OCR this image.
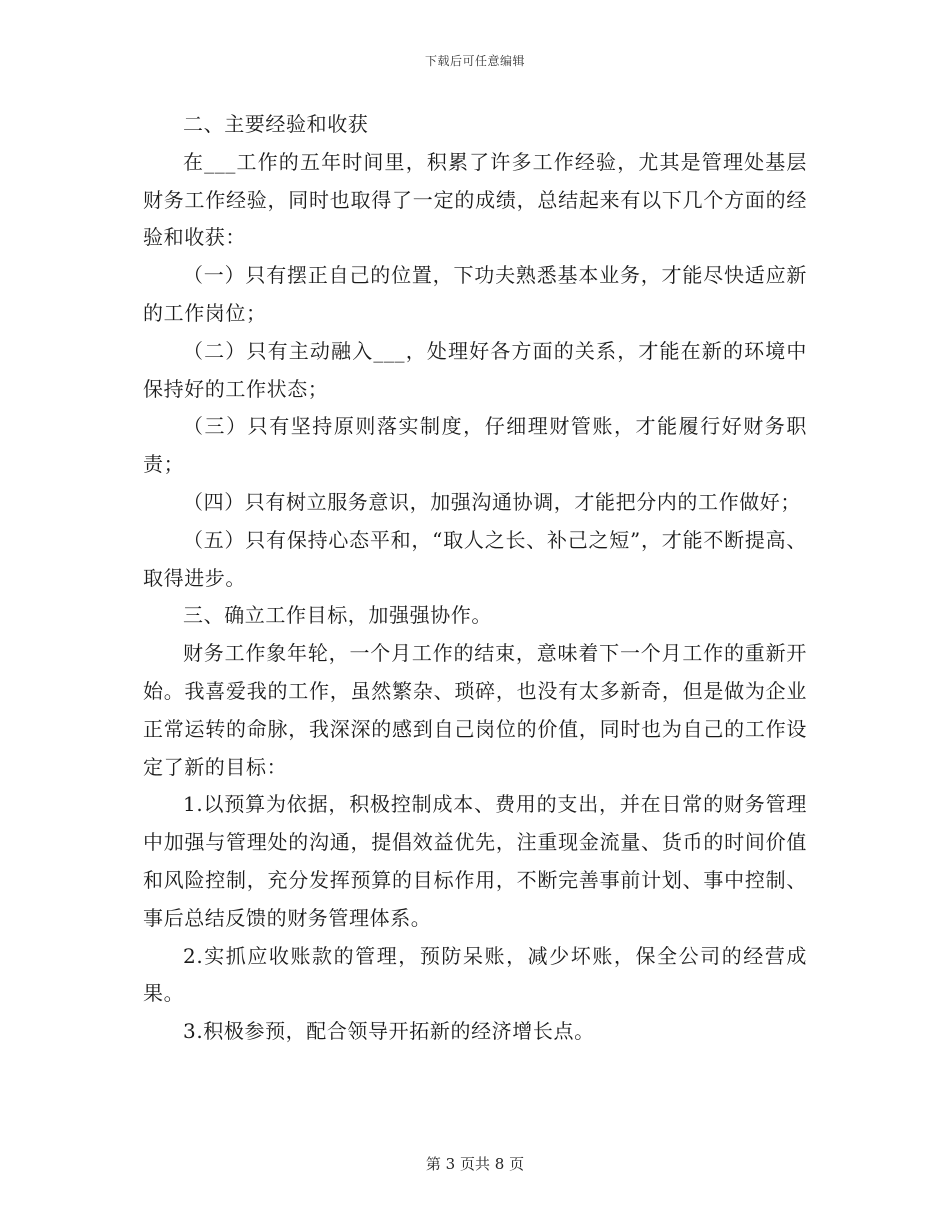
下载后可任意编辑

二、主要经验和收获

在___工作的五年时间里，积累了许多工作经验，尤其是管理处基层财务工作经验，同时也取得了一定的成绩，总结起来有以下几个方面的经验和收获：

（一）只有摆正自己的位置，下功夫熟悉基本业务，才能尽快适应新的工作岗位；

（二）只有主动融入___，处理好各方面的关系，才能在新的环境中保持好的工作状态；

（三）只有坚持原则落实制度，仔细理财管账，才能履行好财务职责；

（四）只有树立服务意识，加强沟通协调，才能把分内的工作做好；

（五）只有保持心态平和，“取人之长、补己之短”，才能不断提高、取得进步。

三、确立工作目标，加强强协作。

财务工作象年轮，一个月工作的结束，意味着下一个月工作的重新开始。我喜爱我的工作，虽然繁杂、琐碎，也没有太多新奇，但是做为企业正常运转的命脉，我深深的感到自己岗位的价值，同时也为自己的工作设定了新的目标：

1.以预算为依据，积极控制成本、费用的支出，并在日常的财务管理中加强与管理处的沟通，提倡效益优先，注重现金流量、货币的时间价值和风险控制，充分发挥预算的目标作用，不断完善事前计划、事中控制、事后总结反馈的财务管理体系。

2.实抓应收账款的管理，预防呆账，减少坏账，保全公司的经营成果。

3.积极参预，配合领导开拓新的经济增长点。

第 3 页共 8 页
